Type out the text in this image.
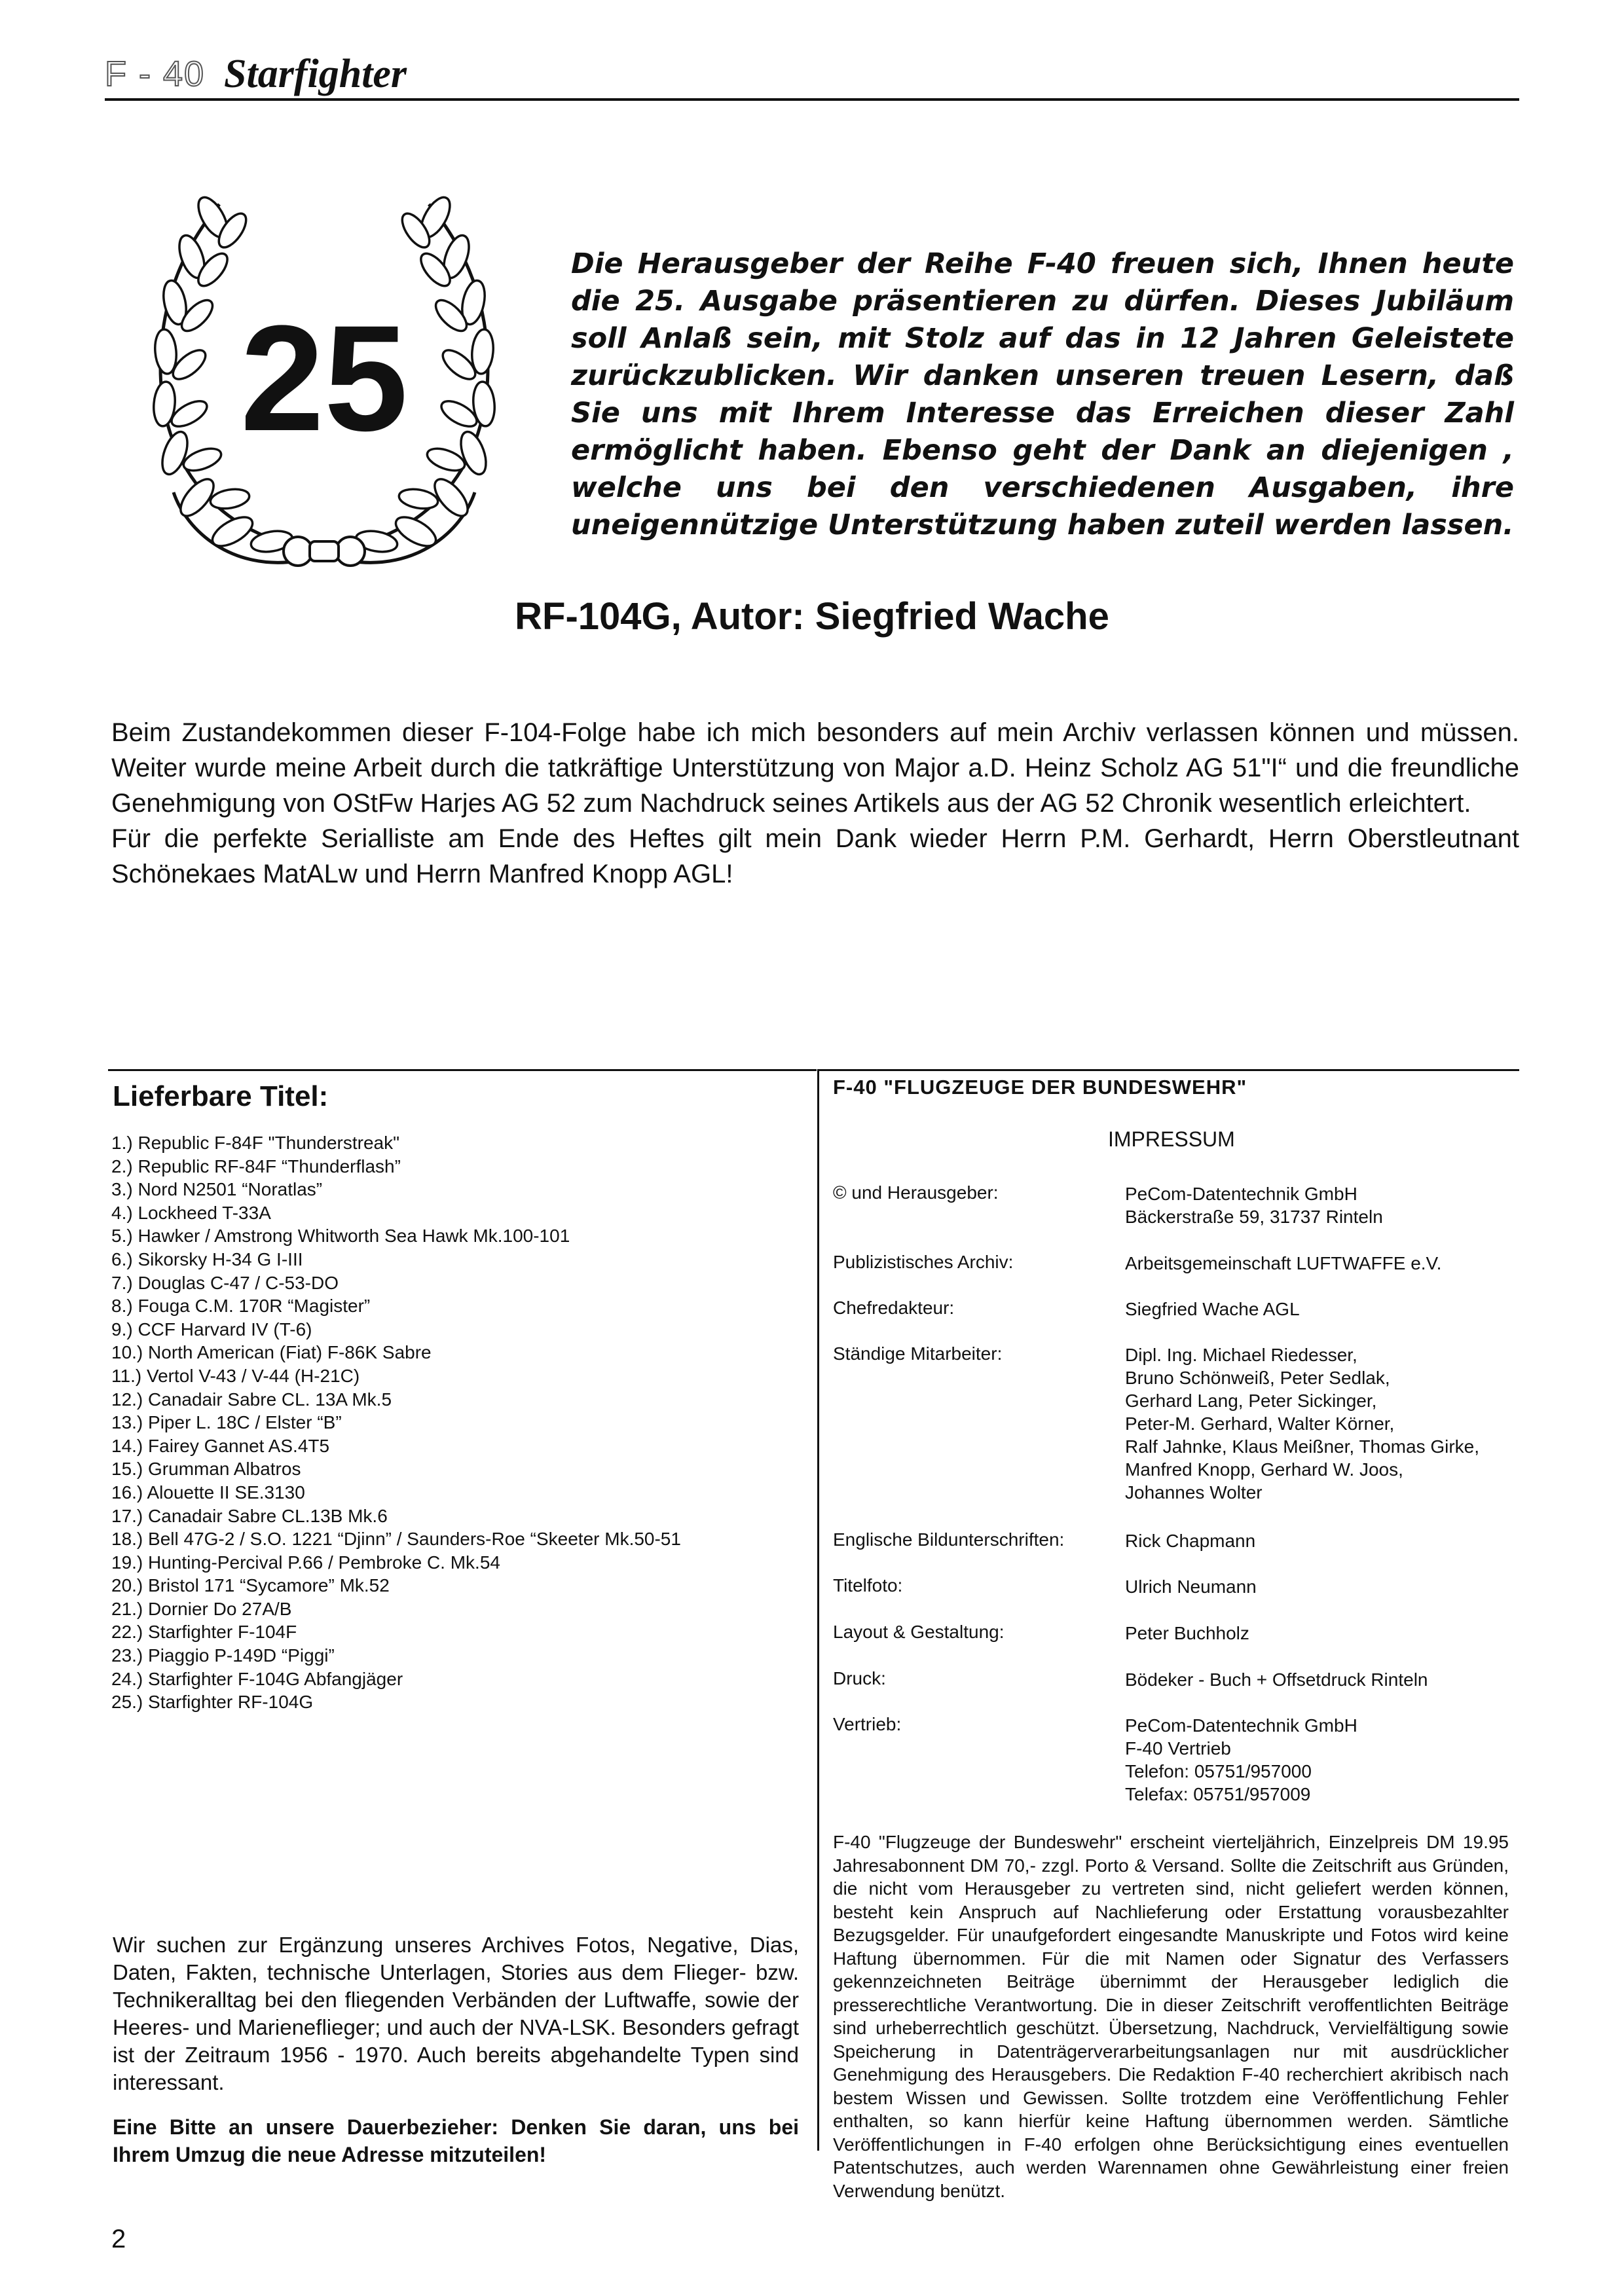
F - 40 Starfighter
25
Die Herausgeber der Reihe F-40 freuen sich, Ihnen heute die 25. Ausgabe präsentieren zu dürfen. Dieses Jubiläum soll Anlaß sein, mit Stolz auf das in 12 Jahren Geleistete zurückzublicken. Wir danken unseren treuen Lesern, daß Sie uns mit Ihrem Interesse das Erreichen dieser Zahl ermöglicht haben. Ebenso geht der Dank an diejenigen , welche uns bei den verschiedenen Ausgaben, ihre uneigennützige Unterstützung haben zuteil werden lassen.
RF-104G, Autor: Siegfried Wache

Beim Zustandekommen dieser F-104-Folge habe ich mich besonders auf mein Archiv verlassen können und müssen. Weiter wurde meine Arbeit durch die tatkräftige Unterstützung von Major a.D. Heinz Scholz AG 51"I“ und die freundliche Genehmigung von OStFw Harjes AG 52 zum Nachdruck seines Artikels aus der AG 52 Chronik wesentlich erleichtert.

Für die perfekte Serialliste am Ende des Heftes gilt mein Dank wieder Herrn P.M. Gerhardt, Herrn Oberstleutnant Schönekaes MatALw und Herrn Manfred Knopp AGL!

Lieferbare Titel:
1.) Republic F-84F "Thunderstreak"
2.) Republic RF-84F “Thunderflash”
3.) Nord N2501 “Noratlas”
4.) Lockheed T-33A
5.) Hawker / Amstrong Whitworth Sea Hawk Mk.100-101
6.) Sikorsky H-34 G I-III
7.) Douglas C-47 / C-53-DO
8.) Fouga C.M. 170R “Magister”
9.) CCF Harvard IV (T-6)
10.) North American (Fiat) F-86K Sabre
11.) Vertol V-43 / V-44 (H-21C)
12.) Canadair Sabre CL. 13A Mk.5
13.) Piper L. 18C / Elster “B”
14.) Fairey Gannet AS.4T5
15.) Grumman Albatros
16.) Alouette II SE.3130
17.) Canadair Sabre CL.13B Mk.6
18.) Bell 47G-2 / S.O. 1221 “Djinn” / Saunders-Roe “Skeeter Mk.50-51
19.) Hunting-Percival P.66 / Pembroke C. Mk.54
20.) Bristol 171 “Sycamore” Mk.52
21.) Dornier Do 27A/B
22.) Starfighter F-104F
23.) Piaggio P-149D “Piggi”
24.) Starfighter F-104G Abfangjäger
25.) Starfighter RF-104G
Wir suchen zur Ergänzung unseres Archives Fotos, Negative, Dias, Daten, Fakten, technische Unterlagen, Stories aus dem Flieger- bzw. Technikeralltag bei den fliegenden Verbänden der Luftwaffe, sowie der Heeres- und Marieneflieger; und auch der NVA-LSK. Besonders gefragt ist der Zeitraum 1956 - 1970. Auch bereits abgehandelte Typen sind interessant.
Eine Bitte an unsere Dauerbezieher: Denken Sie daran, uns bei Ihrem Umzug die neue Adresse mitzuteilen!
F-40 "FLUGZEUGE DER BUNDESWEHR"
IMPRESSUM
© und Herausgeber:	PeCom-Datentechnik GmbH
Bäckerstraße 59, 31737 Rinteln
Publizistisches Archiv:	Arbeitsgemeinschaft LUFTWAFFE e.V.
Chefredakteur:	Siegfried Wache AGL
Ständige Mitarbeiter:	Dipl. Ing. Michael Riedesser,
Bruno Schönweiß, Peter Sedlak,
Gerhard Lang, Peter Sickinger,
Peter-M. Gerhard, Walter Körner,
Ralf Jahnke, Klaus Meißner, Thomas Girke,
Manfred Knopp, Gerhard W. Joos,
Johannes Wolter
Englische Bildunterschriften:	Rick Chapmann
Titelfoto:	Ulrich Neumann
Layout & Gestaltung:	Peter Buchholz
Druck:	Bödeker - Buch + Offsetdruck Rinteln
Vertrieb:	PeCom-Datentechnik GmbH
F-40 Vertrieb
Telefon: 05751/957000
Telefax: 05751/957009
F-40 "Flugzeuge der Bundeswehr" erscheint vierteljährich, Einzelpreis DM 19.95 Jahresabonnent DM 70,- zzgl. Porto & Versand. Sollte die Zeitschrift aus Gründen, die nicht vom Herausgeber zu vertreten sind, nicht geliefert werden können, besteht kein Anspruch auf Nachlieferung oder Erstattung vorausbezahlter Bezugsgelder. Für unaufgefordert eingesandte Manuskripte und Fotos wird keine Haftung übernommen. Für die mit Namen oder Signatur des Verfassers gekennzeichneten Beiträge übernimmt der Herausgeber lediglich die presserechtliche Verantwortung. Die in dieser Zeitschrift veroffentlichten Beiträge sind urheberrechtlich geschützt. Übersetzung, Nachdruck, Vervielfältigung sowie Speicherung in Datenträgerverarbeitungsanlagen nur mit ausdrücklicher Genehmigung des Herausgebers. Die Redaktion F-40 recherchiert akribisch nach bestem Wissen und Gewissen. Sollte trotzdem eine Veröffentlichung Fehler enthalten, so kann hierfür keine Haftung übernommen werden. Sämtliche Veröffentlichungen in F-40 erfolgen ohne Berücksichtigung eines eventuellen Patentschutzes, auch werden Warennamen ohne Gewährleistung einer freien Verwendung benützt.
2
